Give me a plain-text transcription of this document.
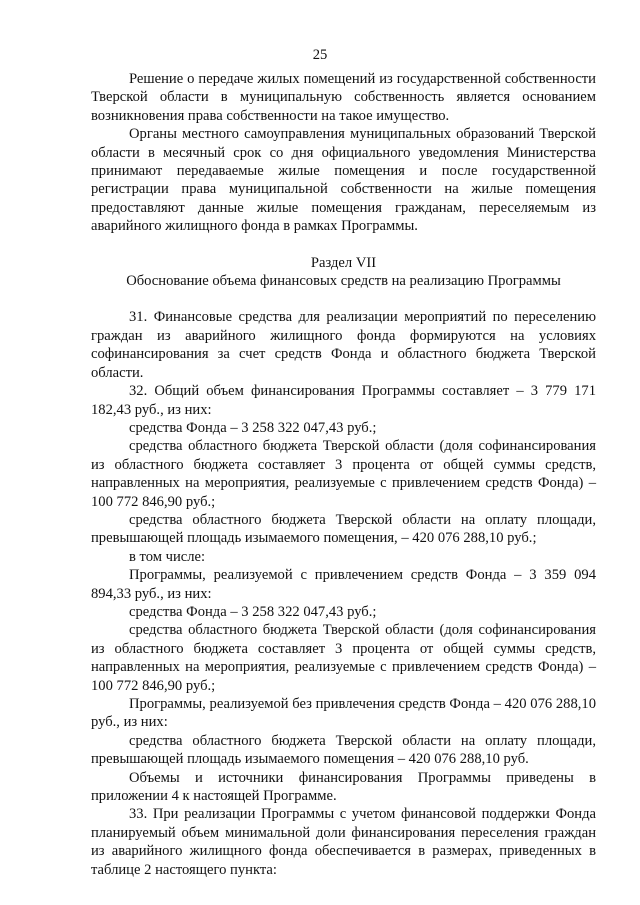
25

Решение о передаче жилых помещений из государственной собственности Тверской области в муниципальную собственность является основанием возникновения права собственности на такое имущество.

Органы местного самоуправления муниципальных образований Тверской области в месячный срок со дня официального уведомления Министерства принимают передаваемые жилые помещения и после государственной регистрации права муниципальной собственности на жилые помещения предоставляют данные жилые помещения гражданам, переселяемым из аварийного жилищного фонда в рамках Программы.

Раздел VII

Обоснование объема финансовых средств на реализацию Программы

31. Финансовые средства для реализации мероприятий по переселению граждан из аварийного жилищного фонда формируются на условиях софинансирования за счет средств Фонда и областного бюджета Тверской области.

32. Общий объем финансирования Программы составляет – 3 779 171 182,43 руб., из них:

средства Фонда – 3 258 322 047,43 руб.;

средства областного бюджета Тверской области (доля софинансирования из областного бюджета составляет 3 процента от общей суммы средств, направленных на мероприятия, реализуемые с привлечением средств Фонда) – 100 772 846,90 руб.;

средства областного бюджета Тверской области на оплату площади, превышающей площадь изымаемого помещения, – 420 076 288,10 руб.;

в том числе:

Программы, реализуемой с привлечением средств Фонда – 3 359 094 894,33 руб., из них:

средства Фонда – 3 258 322 047,43 руб.;

средства областного бюджета Тверской области (доля софинансирования из областного бюджета составляет 3 процента от общей суммы средств, направленных на мероприятия, реализуемые с привлечением средств Фонда) – 100 772 846,90 руб.;

Программы, реализуемой без привлечения средств Фонда – 420 076 288,10 руб., из них:

средства областного бюджета Тверской области на оплату площади, превышающей площадь изымаемого помещения – 420 076 288,10 руб.

Объемы и источники финансирования Программы приведены в приложении 4 к настоящей Программе.

33. При реализации Программы с учетом финансовой поддержки Фонда планируемый объем минимальной доли финансирования переселения граждан из аварийного жилищного фонда обеспечивается в размерах, приведенных в таблице 2 настоящего пункта:
